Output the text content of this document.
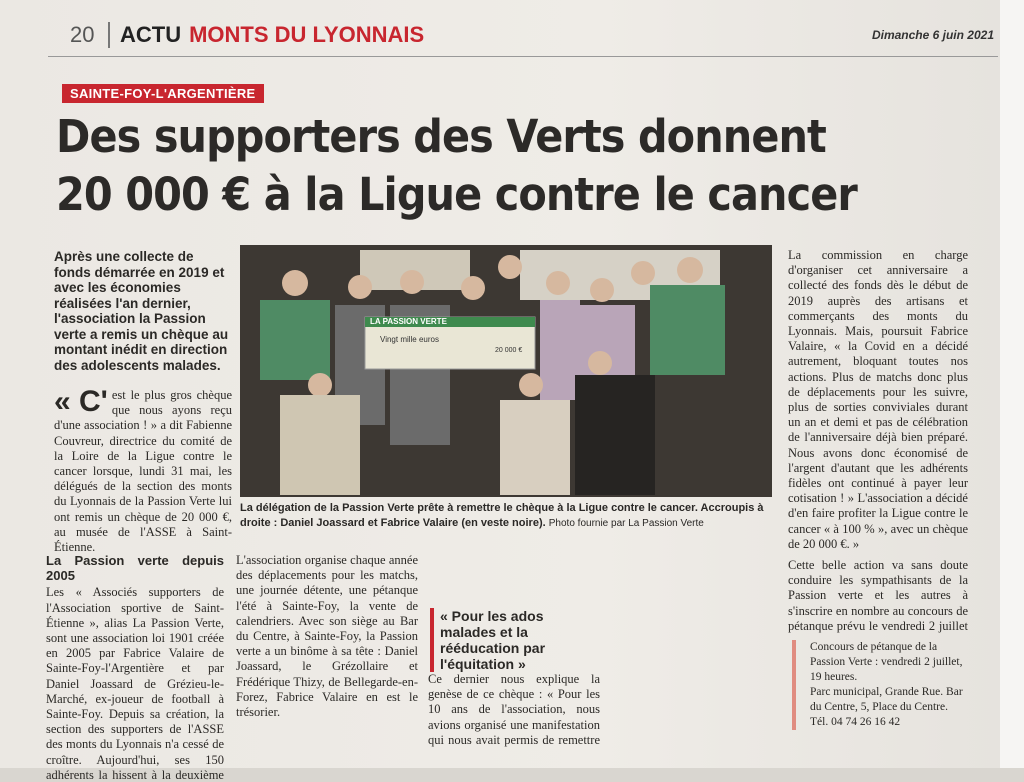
20	ACTU MONTS DU LYONNAIS	Dimanche 6 juin 2021
SAINTE-FOY-L'ARGENTIÈRE
Des supporters des Verts donnent
20 000 € à la Ligue contre le cancer
Après une collecte de fonds démarrée en 2019 et avec les économies réalisées l'an dernier, l'association la Passion verte a remis un chèque au montant inédit en direction des adolescents malades.
« C' est le plus gros chèque que nous ayons reçu d'une association ! » a dit Fabienne Couvreur, directrice du comité de la Loire de la Ligue contre le cancer lorsque, lundi 31 mai, les délégués de la section des monts du Lyonnais de la Passion Verte lui ont remis un chèque de 20 000 €, au musée de l'ASSE à Saint-Étienne.
LA PASSION VERTE
Vingt mille euros
20 000 €
La délégation de la Passion Verte prête à remettre le chèque à la Ligue contre le cancer. Accroupis à droite : Daniel Joassard et Fabrice Valaire (en veste noire). Photo fournie par La Passion Verte
La Passion verte depuis 2005
Les « Associés supporters de l'Association sportive de Saint-Étienne », alias La Passion Verte, sont une association loi 1901 créée en 2005 par Fabrice Valaire de Sainte-Foy-l'Argentière et par Daniel Joassard de Grézieu-le-Marché, ex-joueur de football à Sainte-Foy. Depuis sa création, la section des supporters de l'ASSE des monts du Lyonnais n'a cessé de croître. Aujourd'hui, ses 150 adhérents la hissent à la deuxième
L'association organise chaque année des déplacements pour les matchs, une journée détente, une pétanque l'été à Sainte-Foy, la vente de calendriers. Avec son siège au Bar du Centre, à Sainte-Foy, la Passion verte a un binôme à sa tête : Daniel Joassard, le Grézollaire et Frédérique Thizy, de Bellegarde-en-Forez, Fabrice Valaire en est le trésorier.
« Pour les ados malades et la rééducation par l'équitation »
Ce dernier nous explique la genèse de ce chèque : « Pour les 10 ans de l'association, nous avions organisé une manifestation qui nous avait permis de remettre
La commission en charge d'organiser cet anniversaire a collecté des fonds dès le début de 2019 auprès des artisans et commerçants des monts du Lyonnais. Mais, poursuit Fabrice Valaire, « la Covid en a décidé autrement, bloquant toutes nos actions. Plus de matchs donc plus de déplacements pour les suivre, plus de sorties conviviales durant un an et demi et pas de célébration de l'anniversaire déjà bien préparé. Nous avons donc économisé de l'argent d'autant que les adhérents fidèles ont continué à payer leur cotisation ! » L'association a décidé d'en faire profiter la Ligue contre le cancer « à 100 % », avec un chèque de 20 000 €. »
Cette belle action va sans doute conduire les sympathisants de la Passion verte et les autres à s'inscrire en nombre au concours de pétanque prévu le vendredi 2 juillet
Concours de pétanque de la Passion Verte : vendredi 2 juillet, 19 heures.
Parc municipal, Grande Rue. Bar du Centre, 5, Place du Centre.
Tél. 04 74 26 16 42
